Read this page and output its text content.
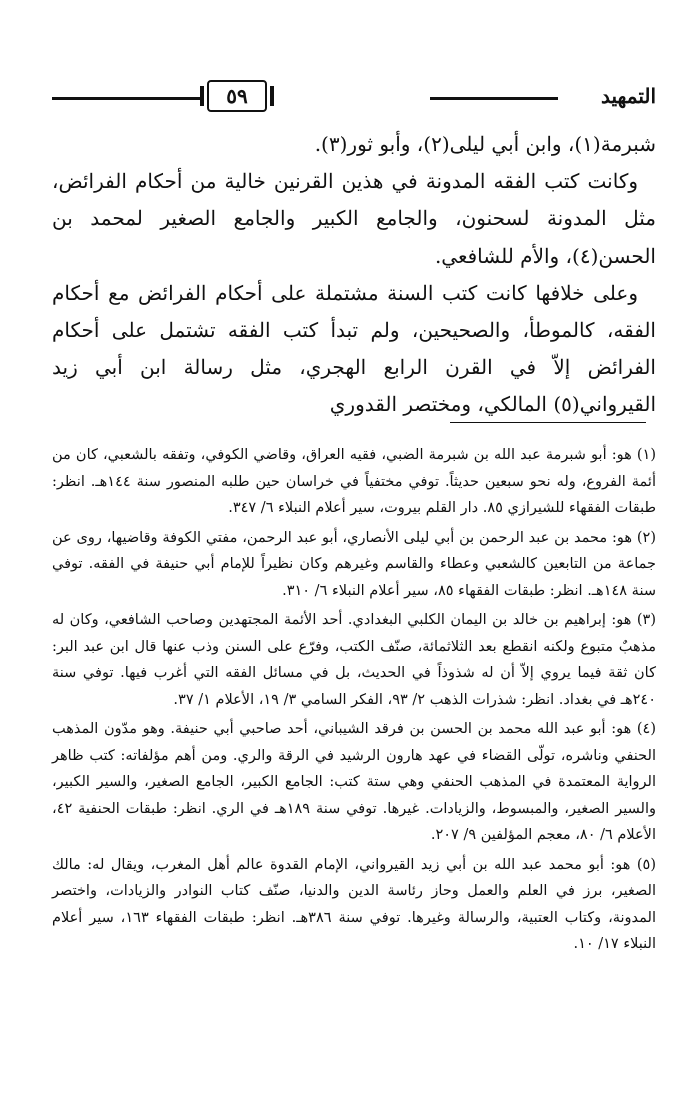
التمهيد
٥٩

شبرمة(١)، وابن أبي ليلى(٢)، وأبو ثور(٣).

وكانت كتب الفقه المدونة في هذين القرنين خالية من أحكام الفرائض، مثل المدونة لسحنون، والجامع الكبير والجامع الصغير لمحمد بن الحسن(٤)، والأم للشافعي.

وعلى خلافها كانت كتب السنة مشتملة على أحكام الفرائض مع أحكام الفقه، كالموطأ، والصحيحين، ولم تبدأ كتب الفقه تشتمل على أحكام الفرائض إلاّ في القرن الرابع الهجري، مثل رسالة ابن أبي زيد القيرواني(٥) المالكي، ومختصر القدوري

(١) هو: أبو شبرمة عبد الله بن شبرمة الضبي، فقيه العراق، وقاضي الكوفي، وتفقه بالشعبي، كان من أئمة الفروع، وله نحو سبعين حديثاً. توفي مختفياً في خراسان حين طلبه المنصور سنة ١٤٤هـ. انظر: طبقات الفقهاء للشيرازي ٨٥. دار القلم بيروت، سير أعلام النبلاء ٦/ ٣٤٧.

(٢) هو: محمد بن عبد الرحمن بن أبي ليلى الأنصاري، أبو عبد الرحمن، مفتي الكوفة وقاضيها، روى عن جماعة من التابعين كالشعبي وعطاء والقاسم وغيرهم وكان نظيراً للإمام أبي حنيفة في الفقه. توفي سنة ١٤٨هـ. انظر: طبقات الفقهاء ٨٥، سير أعلام النبلاء ٦/ ٣١٠.

(٣) هو: إبراهيم بن خالد بن اليمان الكلبي البغدادي. أحد الأئمة المجتهدين وصاحب الشافعي، وكان له مذهبٌ متبوع ولكنه انقطع بعد الثلاثمائة، صنّف الكتب، وفرّع على السنن وذب عنها قال ابن عبد البر: كان ثقة فيما يروي إلاّ أن له شذوذاً في الحديث، بل في مسائل الفقه التي أغرب فيها. توفي سنة ٢٤٠هـ في بغداد. انظر: شذرات الذهب ٢/ ٩٣، الفكر السامي ٣/ ١٩، الأعلام ١/ ٣٧.

(٤) هو: أبو عبد الله محمد بن الحسن بن فرقد الشيباني، أحد صاحبي أبي حنيفة. وهو مدّون المذهب الحنفي وناشره، تولّى القضاء في عهد هارون الرشيد في الرقة والري. ومن أهم مؤلفاته: كتب ظاهر الرواية المعتمدة في المذهب الحنفي وهي ستة كتب: الجامع الكبير، الجامع الصغير، والسير الكبير، والسير الصغير، والمبسوط، والزيادات. غيرها. توفي سنة ١٨٩هـ في الري. انظر: طبقات الحنفية ٤٢، الأعلام ٦/ ٨٠، معجم المؤلفين ٩/ ٢٠٧.

(٥) هو: أبو محمد عبد الله بن أبي زيد القيرواني، الإمام القدوة عالم أهل المغرب، ويقال له: مالك الصغير، برز في العلم والعمل وحاز رئاسة الدين والدنيا، صنّف كتاب النوادر والزيادات، واختصر المدونة، وكتاب العتبية، والرسالة وغيرها. توفي سنة ٣٨٦هـ. انظر: طبقات الفقهاء ١٦٣، سير أعلام النبلاء ١٧/ ١٠.
